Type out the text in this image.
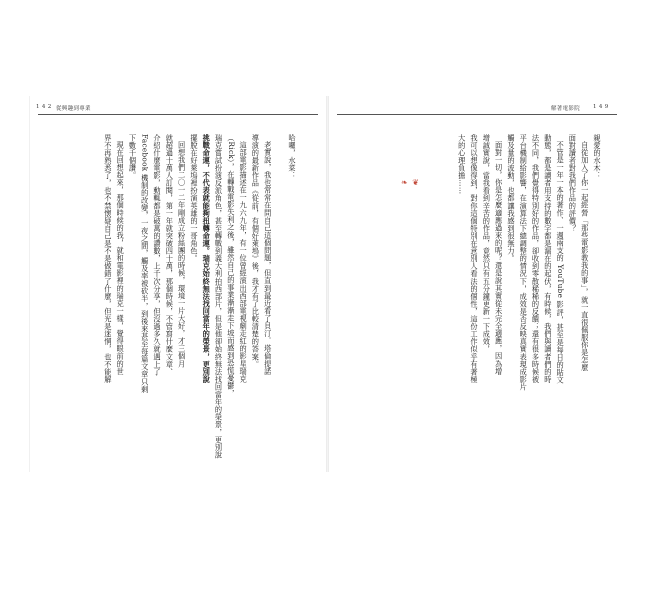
1 4 2 從興趣到專業

哈囉，水菜：

老實說，我也常常在問自己這個問題，但直到最近看了貝汀．塔倫提諾

導演的最新作品《從前，有個好萊塢》後，我才有了比較清楚的答案。

這部電影描述在一九六九年，有一位曾經演出西部電視劇走紅的影星瑞克

（Rick），在轉戰電影失利之後，雖然自己的事業漸漸走下坡而感到恐慌憂鬱，

瑞克嘗試扮演反派角色，甚至轉戰到義大利拍西部片，但是他卻始終無法找回當年的榮景，更別說

挑戰命運，不代表就能夠扭轉命運。瑞克始終無法找回當年的榮景，更別說

擺脫在好萊塢裡扮演英雄的一哥角色。

回想我們二〇一二年剛成立粉絲團的時候，環境一片大好，才三個月

就超過十萬人訂閱，第一年就突破四十萬，那個時候，不管寫什麼文章、

介紹什麼電影，動輒都是破萬的讚數，上千次分享，但沒過多久就遇上了

Facebook 機制的改變，一夜之間，觸及率被砍半，到後來甚至每篇文章只剩

下數千個讚。

現在回想起來，那個時候的我，就和電影裡的瑞克一樣，覺得眼前的世

界不再熟悉了，也不禁懷疑自己是不是做錯了什麼，但光是迷惘，也不能解

解著電影院 1 4 9

親愛的水木：

自從加入了你一起經營「那些電影教我的事」，就一直很佩服你是怎麼

面對讀者對我們作品的評價？

不管是一年一本的著作、一週兩支的 YouTube 影評，甚至是每日的貼文

動態，都是讀者用支持的數字都是漏在的起伏，有時候，我們與讀者們的時

法不同，我們覺得特別好的作品，卻收到零散稀稀的反饋；還有很多時候被

平台機制給影響，在演算法下總調整的情況下，成效是否反映真實表現成影片

觸及量的波動，也都讓我感到很無力。

面對一切，你是怎麼適應過來的呢？還是說其實從未完全適應，因為增

增誠實說，當我看到辛苦的作品，竟然只有五分鐘更新一下成效，

我可以想像得到，對你這個特別在意別人看法的個性，這份工作似乎有著極

大的心理負擔……

❧ ❦
